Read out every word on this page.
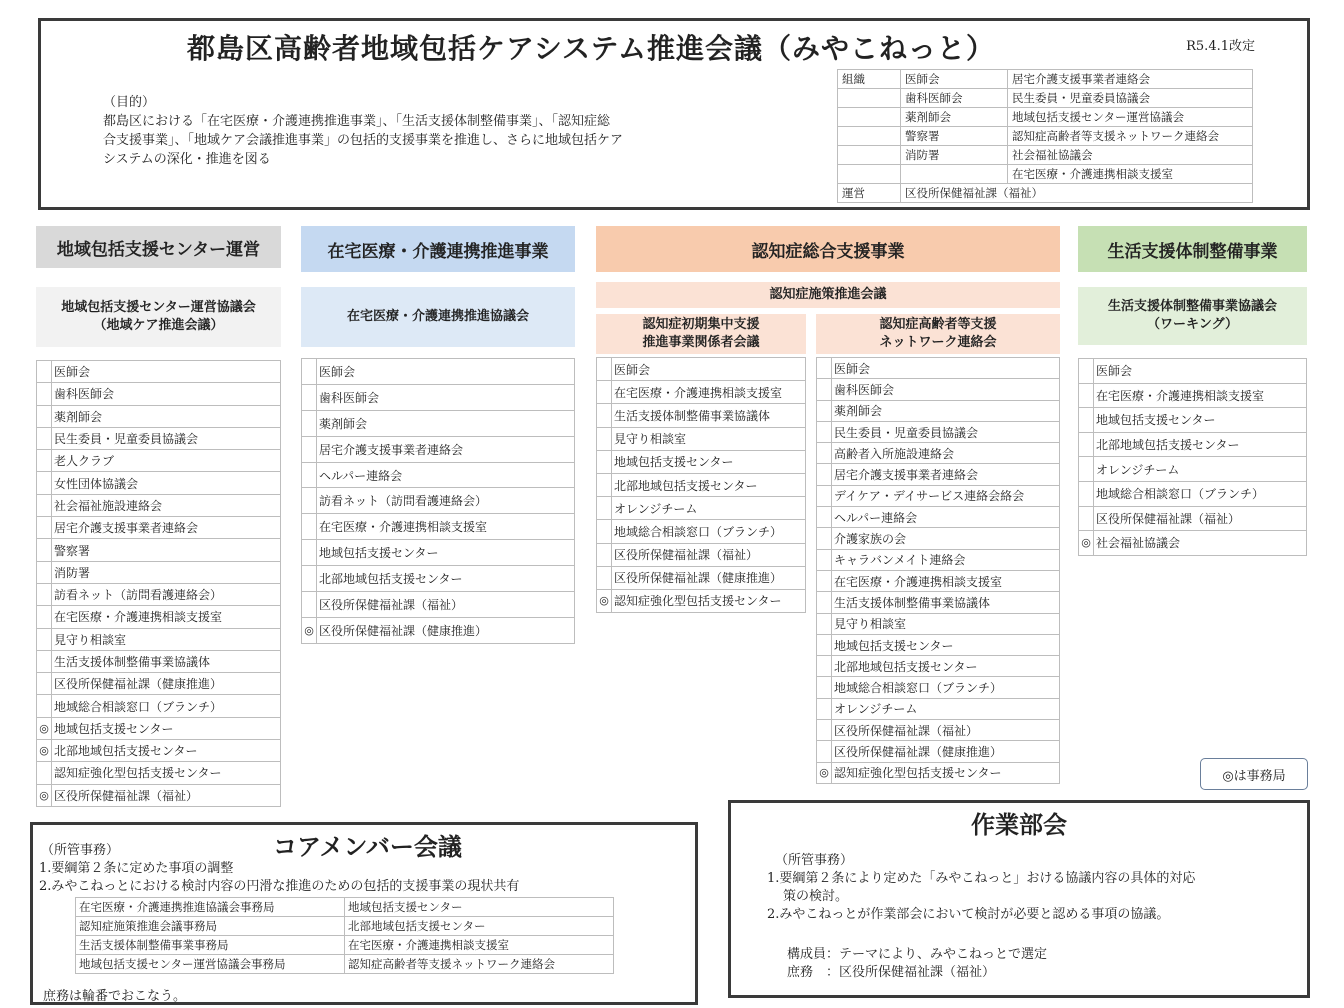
都島区高齢者地域包括ケアシステム推進会議（みやこねっと）	R5.4.1改定
（目的）
都島区における「在宅医療・介護連携推進事業」、「生活支援体制整備事業」、「認知症総
合支援事業」、「地域ケア会議推進事業」の包括的支援事業を推進し、さらに地域包括ケア
システムの深化・推進を図る
組織	医師会	居宅介護支援事業者連絡会
	歯科医師会	民生委員・児童委員協議会
	薬剤師会	地域包括支援センター運営協議会
	警察署	認知症高齢者等支援ネットワーク連絡会
	消防署	社会福祉協議会
		在宅医療・介護連携相談支援室
運営	区役所保健福祉課（福祉）	
地域包括支援センター運営	在宅医療・介護連携推進事業	認知症総合支援事業	生活支援体制整備事業
地域包括支援センター運営協議会
（地域ケア推進会議）
在宅医療・介護連携推進協議会
認知症施策推進会議
認知症初期集中支援
推進事業関係者会議
認知症高齢者等支援
ネットワーク連絡会
生活支援体制整備事業協議会
（ワーキング）
	医師会
	歯科医師会
	薬剤師会
	民生委員・児童委員協議会
	老人クラブ
	女性団体協議会
	社会福祉施設連絡会
	居宅介護支援事業者連絡会
	警察署
	消防署
	訪看ネット（訪問看護連絡会）
	在宅医療・介護連携相談支援室
	見守り相談室
	生活支援体制整備事業協議体
	区役所保健福祉課（健康推進）
	地域総合相談窓口（ブランチ）
◎	地域包括支援センター
◎	北部地域包括支援センター
	認知症強化型包括支援センター
◎	区役所保健福祉課（福祉）
	医師会
	歯科医師会
	薬剤師会
	居宅介護支援事業者連絡会
	ヘルパー連絡会
	訪看ネット（訪問看護連絡会）
	在宅医療・介護連携相談支援室
	地域包括支援センター
	北部地域包括支援センター
	区役所保健福祉課（福祉）
◎	区役所保健福祉課（健康推進）
	医師会
	在宅医療・介護連携相談支援室
	生活支援体制整備事業協議体
	見守り相談室
	地域包括支援センター
	北部地域包括支援センター
	オレンジチーム
	地域総合相談窓口（ブランチ）
	区役所保健福祉課（福祉）
	区役所保健福祉課（健康推進）
◎	認知症強化型包括支援センター
	医師会
	歯科医師会
	薬剤師会
	民生委員・児童委員協議会
	高齢者入所施設連絡会
	居宅介護支援事業者連絡会
	デイケア・デイサービス連絡会絡会
	ヘルパー連絡会
	介護家族の会
	キャラバンメイト連絡会
	在宅医療・介護連携相談支援室
	生活支援体制整備事業協議体
	見守り相談室
	地域包括支援センター
	北部地域包括支援センター
	地域総合相談窓口（ブランチ）
	オレンジチーム
	区役所保健福祉課（福祉）
	区役所保健福祉課（健康推進）
◎	認知症強化型包括支援センター
	医師会
	在宅医療・介護連携相談支援室
	地域包括支援センター
	北部地域包括支援センター
	オレンジチーム
	地域総合相談窓口（ブランチ）
	区役所保健福祉課（福祉）
◎	社会福祉協議会
◎は事務局
コアメンバー会議
（所管事務）
1.要綱第２条に定めた事項の調整
2.みやこねっとにおける検討内容の円滑な推進のための包括的支援事業の現状共有
在宅医療・介護連携推進協議会事務局	地域包括支援センター
認知症施策推進会議事務局	北部地域包括支援センター
生活支援体制整備事業事務局	在宅医療・介護連携相談支援室
地域包括支援センター運営協議会事務局	認知症高齢者等支援ネットワーク連絡会
庶務は輪番でおこなう。
作業部会
（所管事務）
1.要綱第２条により定めた「みやこねっと」おける協議内容の具体的対応
策の検討。
2.みやこねっとが作業部会において検討が必要と認める事項の協議。
構成員：テーマにより、みやこねっとで選定
庶務　：区役所保健福祉課（福祉）
